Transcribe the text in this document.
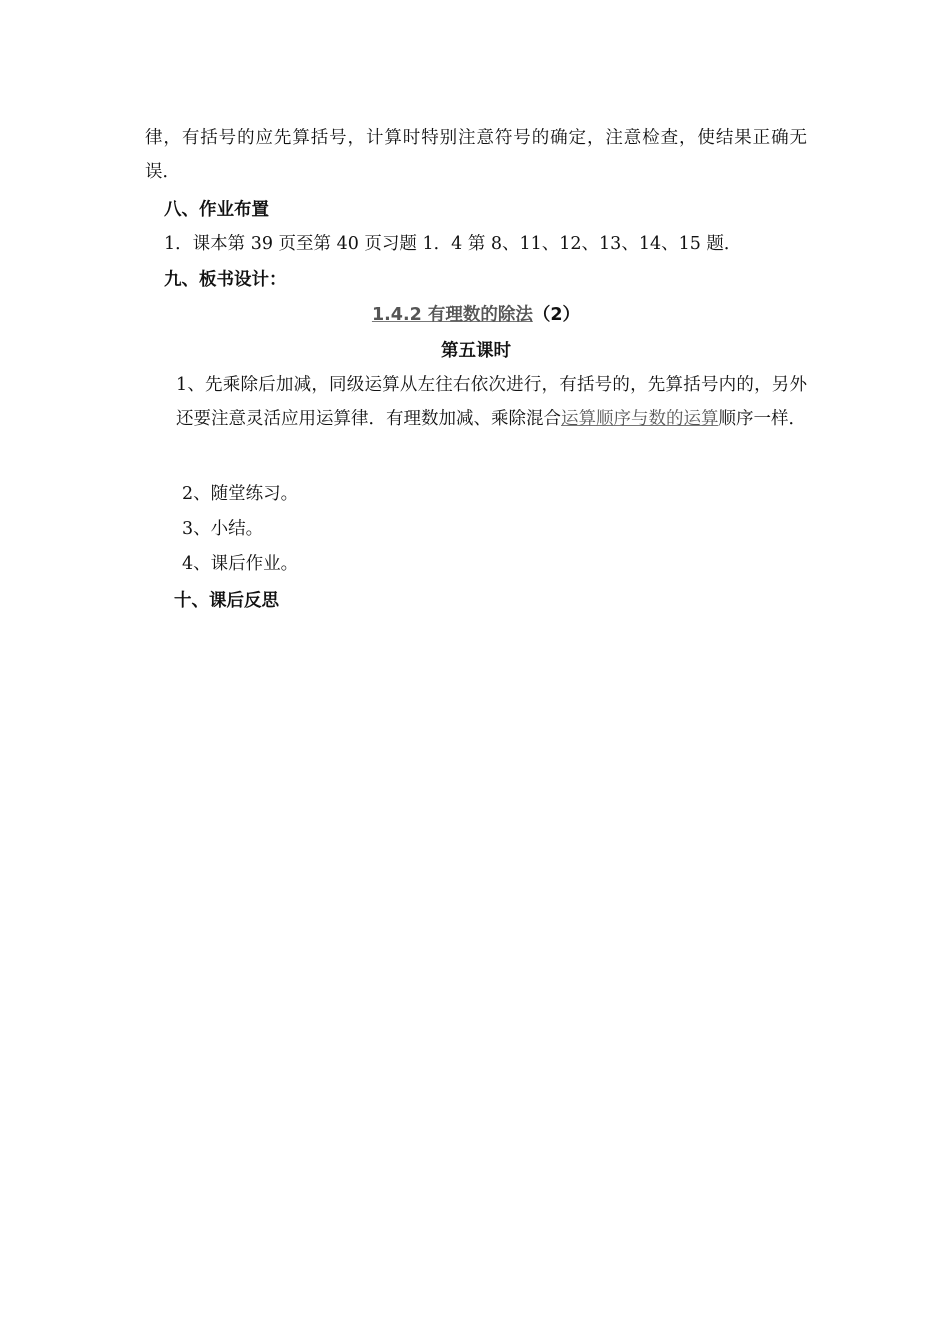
律，有括号的应先算括号，计算时特别注意符号的确定，注意检查，使结果正确无误．
八、作业布置
1．课本第 39 页至第 40 页习题 1．4 第 8、11、12、13、14、15 题．
九、板书设计：
1.4.2 有理数的除法（2）
第五课时
1、先乘除后加减，同级运算从左往右依次进行，有括号的，先算括号内的，另外还要注意灵活应用运算律．有理数加减、乘除混合运算顺序与数的运算顺序一样．
2、随堂练习。
3、小结。
4、课后作业。
十、课后反思
